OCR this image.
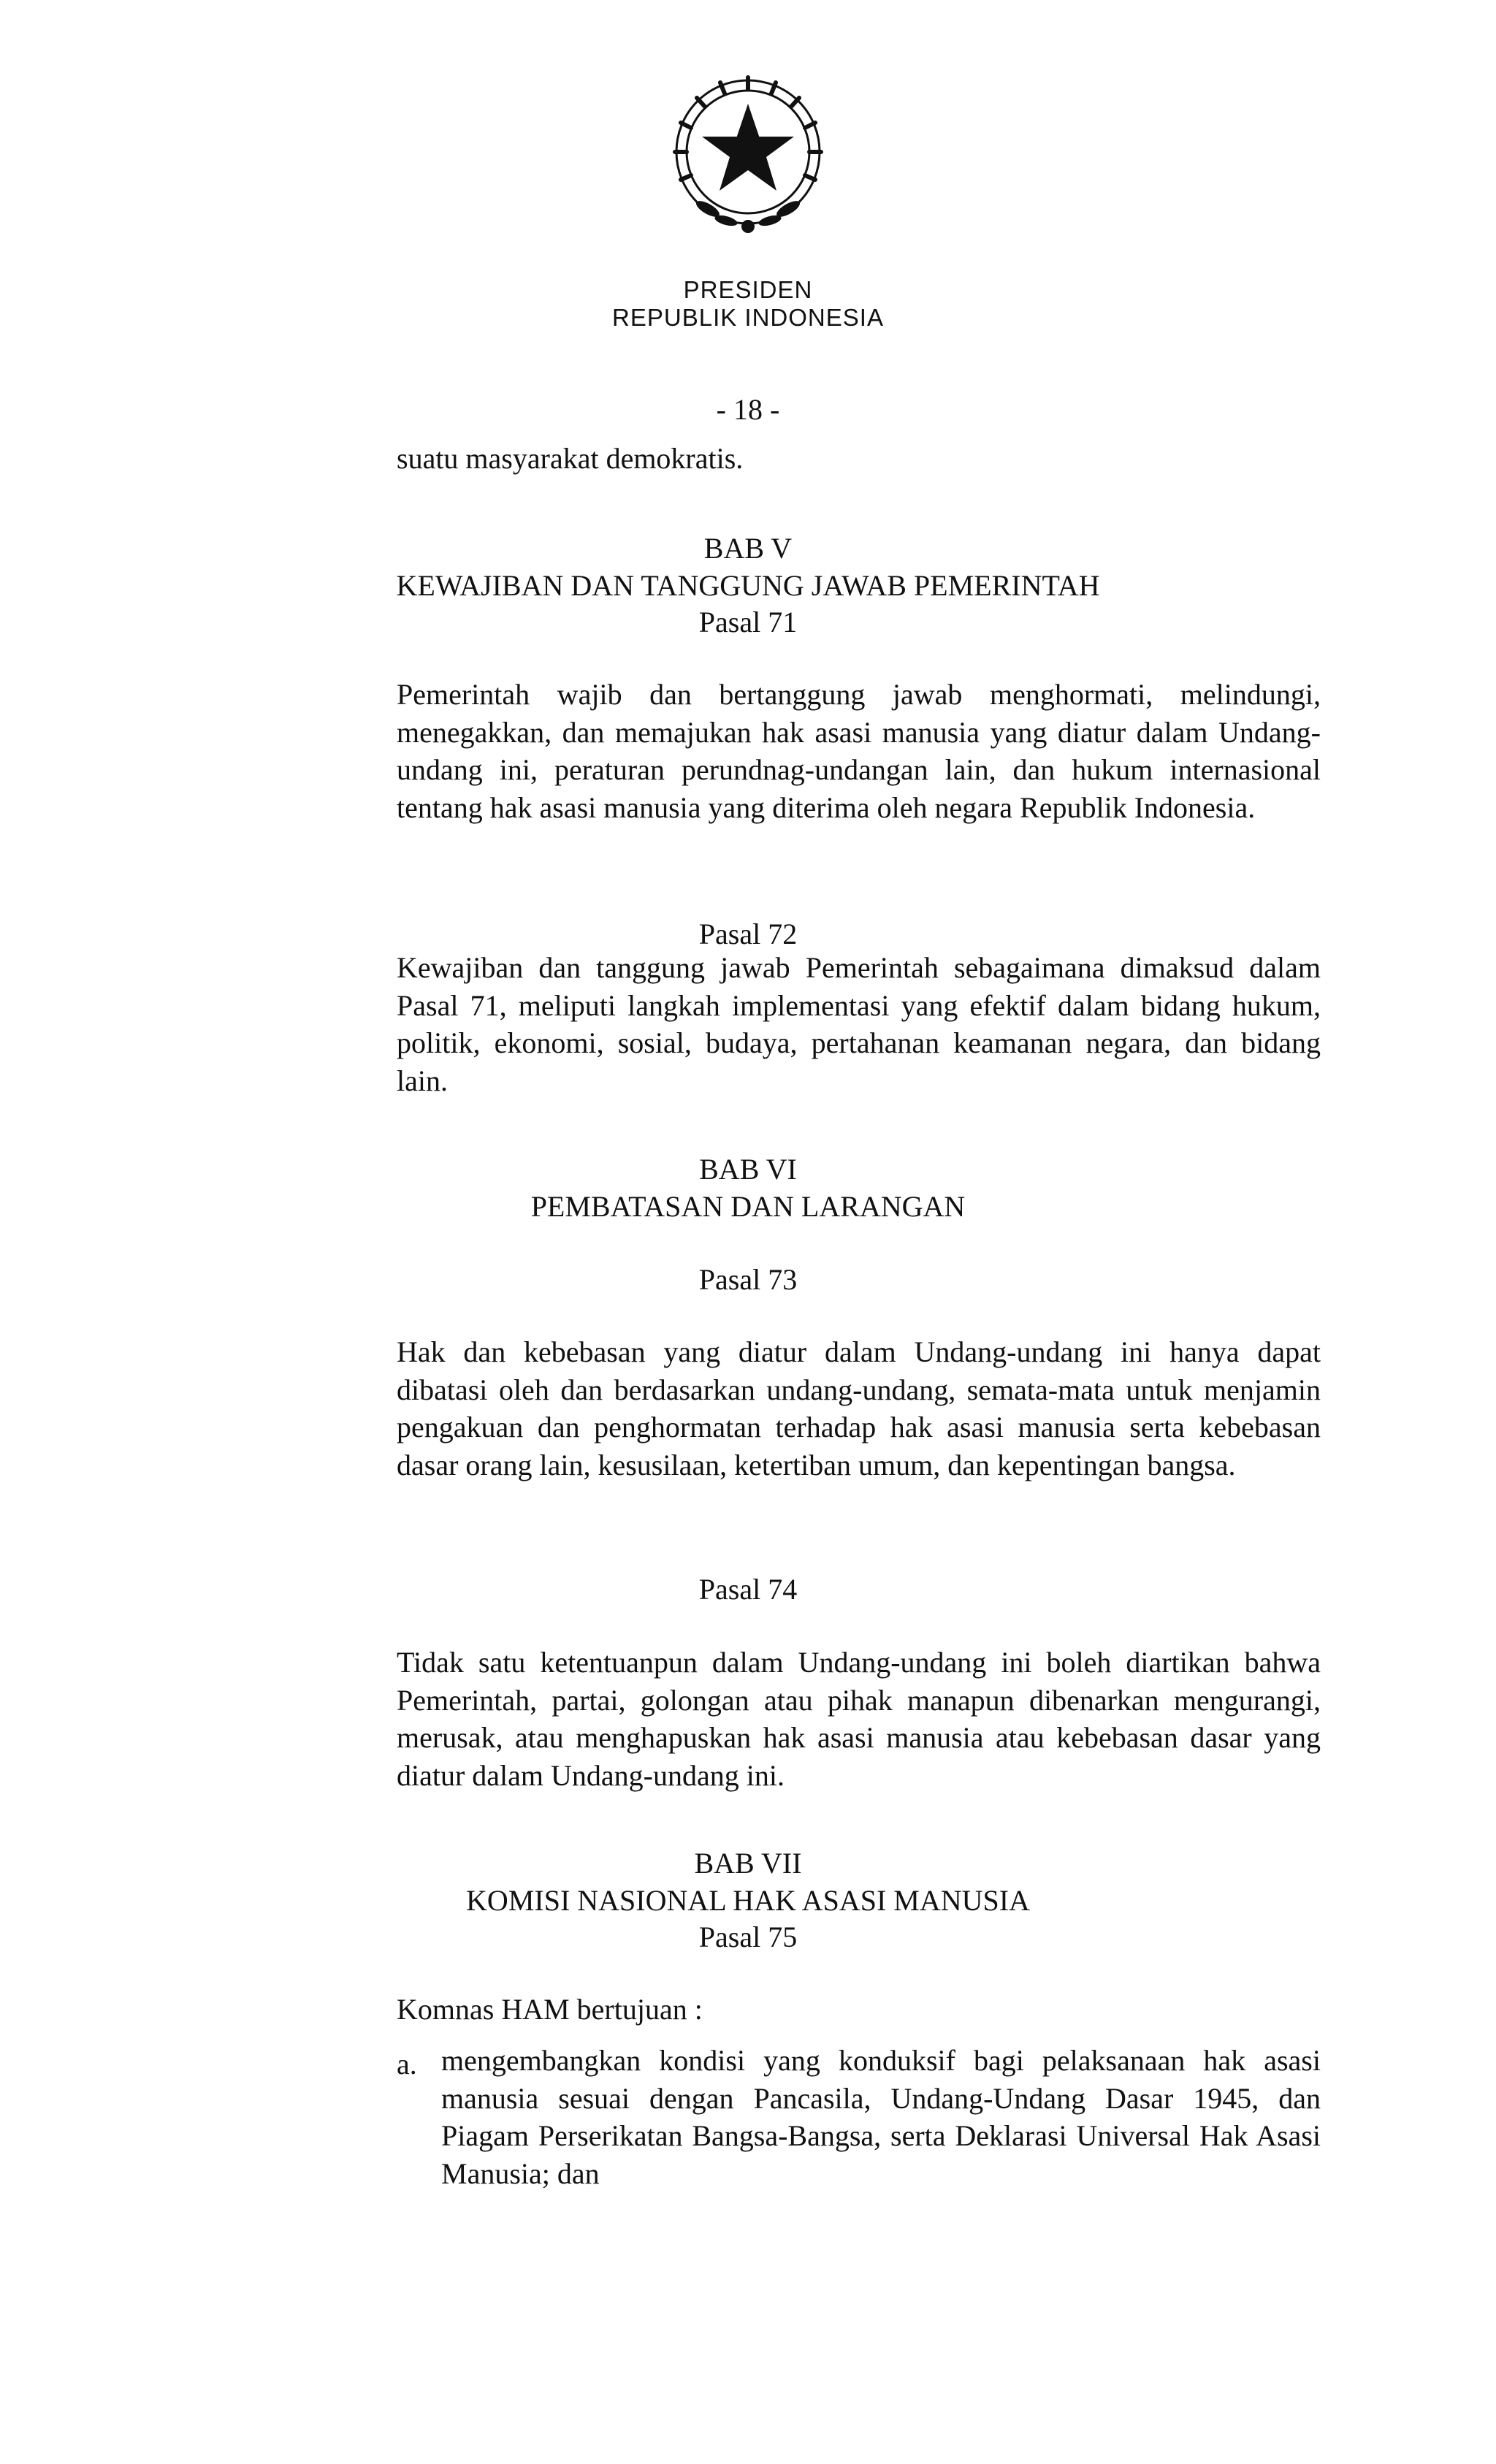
PRESIDEN
REPUBLIK INDONESIA
- 18 -
suatu masyarakat demokratis.
BAB V
KEWAJIBAN DAN TANGGUNG JAWAB PEMERINTAH
Pasal 71
Pemerintah wajib dan bertanggung jawab menghormati, melindungi, menegakkan, dan memajukan hak asasi manusia yang diatur dalam Undang-undang ini, peraturan perundnag-undangan lain, dan hukum internasional tentang hak asasi manusia yang diterima oleh negara Republik Indonesia.
Pasal 72
Kewajiban dan tanggung jawab Pemerintah sebagaimana dimaksud dalam Pasal 71, meliputi langkah implementasi yang efektif dalam bidang hukum, politik, ekonomi, sosial, budaya, pertahanan keamanan negara, dan bidang lain.
BAB VI
PEMBATASAN DAN LARANGAN
Pasal 73
Hak dan kebebasan yang diatur dalam Undang-undang ini hanya dapat dibatasi oleh dan berdasarkan undang-undang, semata-mata untuk menjamin pengakuan dan penghormatan terhadap hak asasi manusia serta kebebasan dasar orang lain, kesusilaan, ketertiban umum, dan kepentingan bangsa.
Pasal 74
Tidak satu ketentuanpun dalam Undang-undang ini boleh diartikan bahwa Pemerintah, partai, golongan atau pihak manapun dibenarkan mengurangi, merusak, atau menghapuskan hak asasi manusia atau kebebasan dasar yang diatur dalam Undang-undang ini.
BAB VII
KOMISI NASIONAL HAK ASASI MANUSIA
Pasal 75
Komnas HAM bertujuan :
a. mengembangkan kondisi yang konduksif bagi pelaksanaan hak asasi manusia sesuai dengan Pancasila, Undang-Undang Dasar 1945, dan Piagam Perserikatan Bangsa-Bangsa, serta Deklarasi Universal Hak Asasi Manusia; dan
